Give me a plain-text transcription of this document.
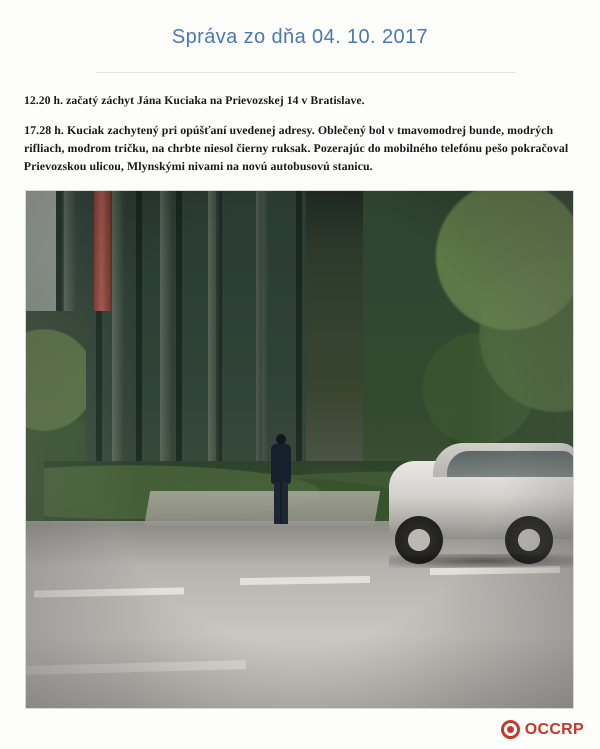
Správa zo dňa 04. 10. 2017

12.20 h. začatý záchyt Jána Kuciaka na Prievozskej 14 v Bratislave.

17.28 h. Kuciak zachytený pri opúšťaní uvedenej adresy. Oblečený bol v tmavomodrej bunde, modrých rifliach, modrom tričku, na chrbte niesol čierny ruksak. Pozerajúc do mobilného telefónu pešo pokračoval Prievozskou ulicou, Mlynskými nivami na novú autobusovú stanicu.

OCCRP
